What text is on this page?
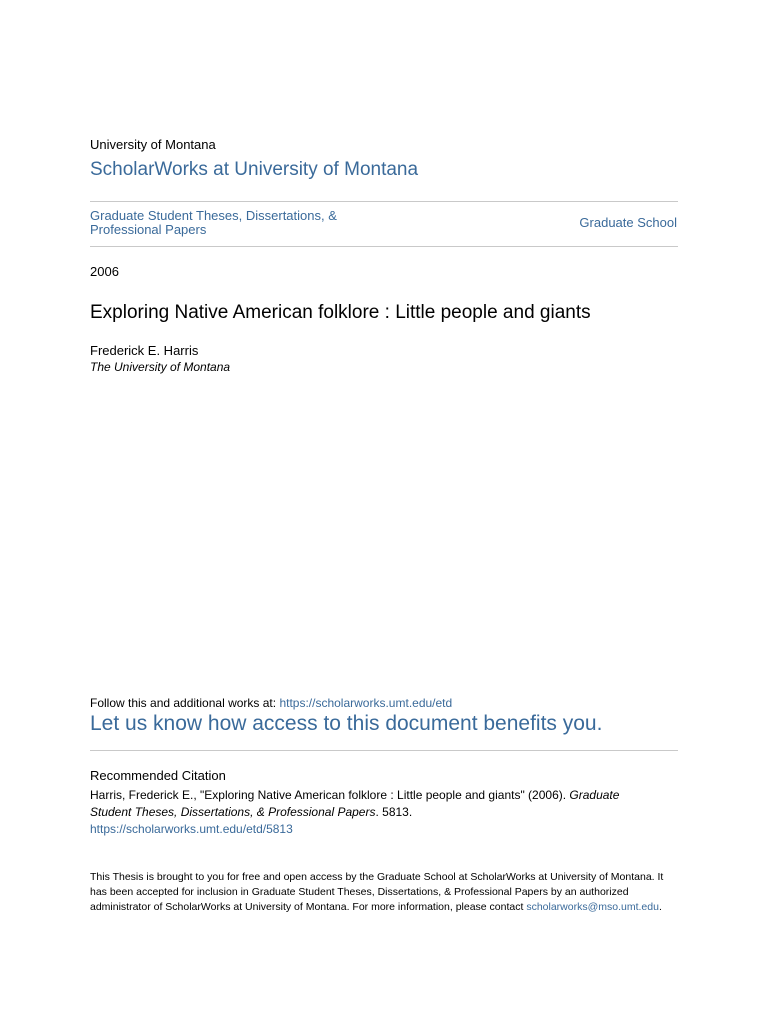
University of Montana
ScholarWorks at University of Montana
Graduate Student Theses, Dissertations, & Professional Papers	Graduate School
2006
Exploring Native American folklore : Little people and giants
Frederick E. Harris
The University of Montana
Follow this and additional works at: https://scholarworks.umt.edu/etd
Let us know how access to this document benefits you.
Recommended Citation
Harris, Frederick E., "Exploring Native American folklore : Little people and giants" (2006). Graduate Student Theses, Dissertations, & Professional Papers. 5813.
https://scholarworks.umt.edu/etd/5813
This Thesis is brought to you for free and open access by the Graduate School at ScholarWorks at University of Montana. It has been accepted for inclusion in Graduate Student Theses, Dissertations, & Professional Papers by an authorized administrator of ScholarWorks at University of Montana. For more information, please contact scholarworks@mso.umt.edu.
